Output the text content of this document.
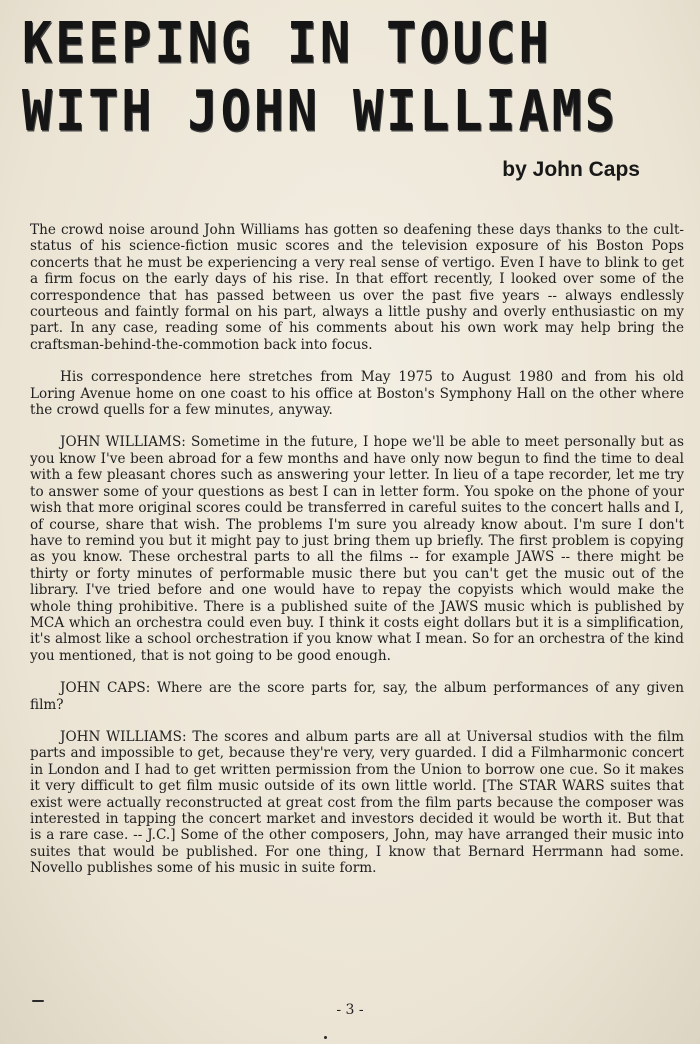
KEEPING IN TOUCH
WITH JOHN WILLIAMS
by John Caps

The crowd noise around John Williams has gotten so deafening these days thanks to the cult-status of his science-fiction music scores and the television exposure of his Boston Pops concerts that he must be experiencing a very real sense of vertigo. Even I have to blink to get a firm focus on the early days of his rise. In that effort recently, I looked over some of the correspondence that has passed between us over the past five years -- always endlessly courteous and faintly formal on his part, always a little pushy and overly enthusiastic on my part. In any case, reading some of his comments about his own work may help bring the craftsman-behind-the-commotion back into focus.

His correspondence here stretches from May 1975 to August 1980 and from his old Loring Avenue home on one coast to his office at Boston's Symphony Hall on the other where the crowd quells for a few minutes, anyway.

JOHN WILLIAMS: Sometime in the future, I hope we'll be able to meet personally but as you know I've been abroad for a few months and have only now begun to find the time to deal with a few pleasant chores such as answering your letter. In lieu of a tape recorder, let me try to answer some of your questions as best I can in letter form. You spoke on the phone of your wish that more original scores could be transferred in careful suites to the concert halls and I, of course, share that wish. The problems I'm sure you already know about. I'm sure I don't have to remind you but it might pay to just bring them up briefly. The first problem is copying as you know. These orchestral parts to all the films -- for example JAWS -- there might be thirty or forty minutes of performable music there but you can't get the music out of the library. I've tried before and one would have to repay the copyists which would make the whole thing prohibitive. There is a published suite of the JAWS music which is published by MCA which an orchestra could even buy. I think it costs eight dollars but it is a simplification, it's almost like a school orchestration if you know what I mean. So for an orchestra of the kind you mentioned, that is not going to be good enough.

JOHN CAPS: Where are the score parts for, say, the album performances of any given film?

JOHN WILLIAMS: The scores and album parts are all at Universal studios with the film parts and impossible to get, because they're very, very guarded. I did a Filmharmonic concert in London and I had to get written permission from the Union to borrow one cue. So it makes it very difficult to get film music outside of its own little world. [The STAR WARS suites that exist were actually reconstructed at great cost from the film parts because the composer was interested in tapping the concert market and investors decided it would be worth it. But that is a rare case. -- J.C.] Some of the other composers, John, may have arranged their music into suites that would be published. For one thing, I know that Bernard Herrmann had some. Novello publishes some of his music in suite form.

- 3 -
